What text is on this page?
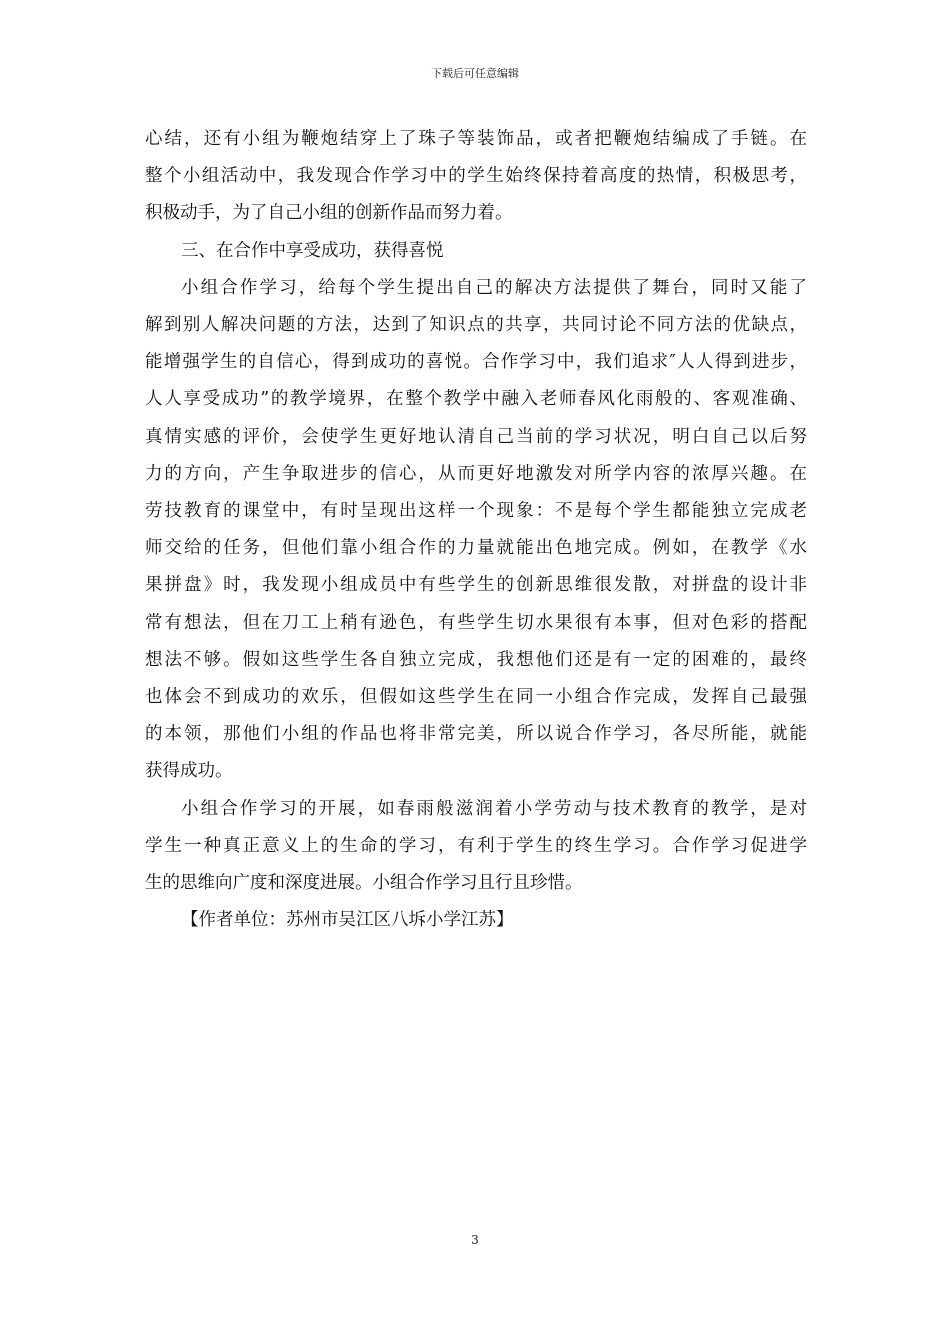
下载后可任意编辑
心结，还有小组为鞭炮结穿上了珠子等装饰品，或者把鞭炮结编成了手链。在
整个小组活动中，我发现合作学习中的学生始终保持着高度的热情，积极思考，
积极动手，为了自己小组的创新作品而努力着。
三、在合作中享受成功，获得喜悦
小组合作学习，给每个学生提出自己的解决方法提供了舞台，同时又能了
解到别人解决问题的方法，达到了知识点的共享，共同讨论不同方法的优缺点，
能增强学生的自信心，得到成功的喜悦。合作学习中，我们追求″人人得到进步，
人人享受成功”的教学境界，在整个教学中融入老师春风化雨般的、客观准确、
真情实感的评价，会使学生更好地认清自己当前的学习状况，明白自己以后努
力的方向，产生争取进步的信心，从而更好地激发对所学内容的浓厚兴趣。在
劳技教育的课堂中，有时呈现出这样一个现象：不是每个学生都能独立完成老
师交给的任务，但他们靠小组合作的力量就能出色地完成。例如，在教学《水
果拼盘》时，我发现小组成员中有些学生的创新思维很发散，对拼盘的设计非
常有想法，但在刀工上稍有逊色，有些学生切水果很有本事，但对色彩的搭配
想法不够。假如这些学生各自独立完成，我想他们还是有一定的困难的，最终
也体会不到成功的欢乐，但假如这些学生在同一小组合作完成，发挥自己最强
的本领，那他们小组的作品也将非常完美，所以说合作学习，各尽所能，就能
获得成功。
小组合作学习的开展，如春雨般滋润着小学劳动与技术教育的教学，是对
学生一种真正意义上的生命的学习，有利于学生的终生学习。合作学习促进学
生的思维向广度和深度进展。小组合作学习且行且珍惜。
【作者单位：苏州市吴江区八坼小学江苏】
3
